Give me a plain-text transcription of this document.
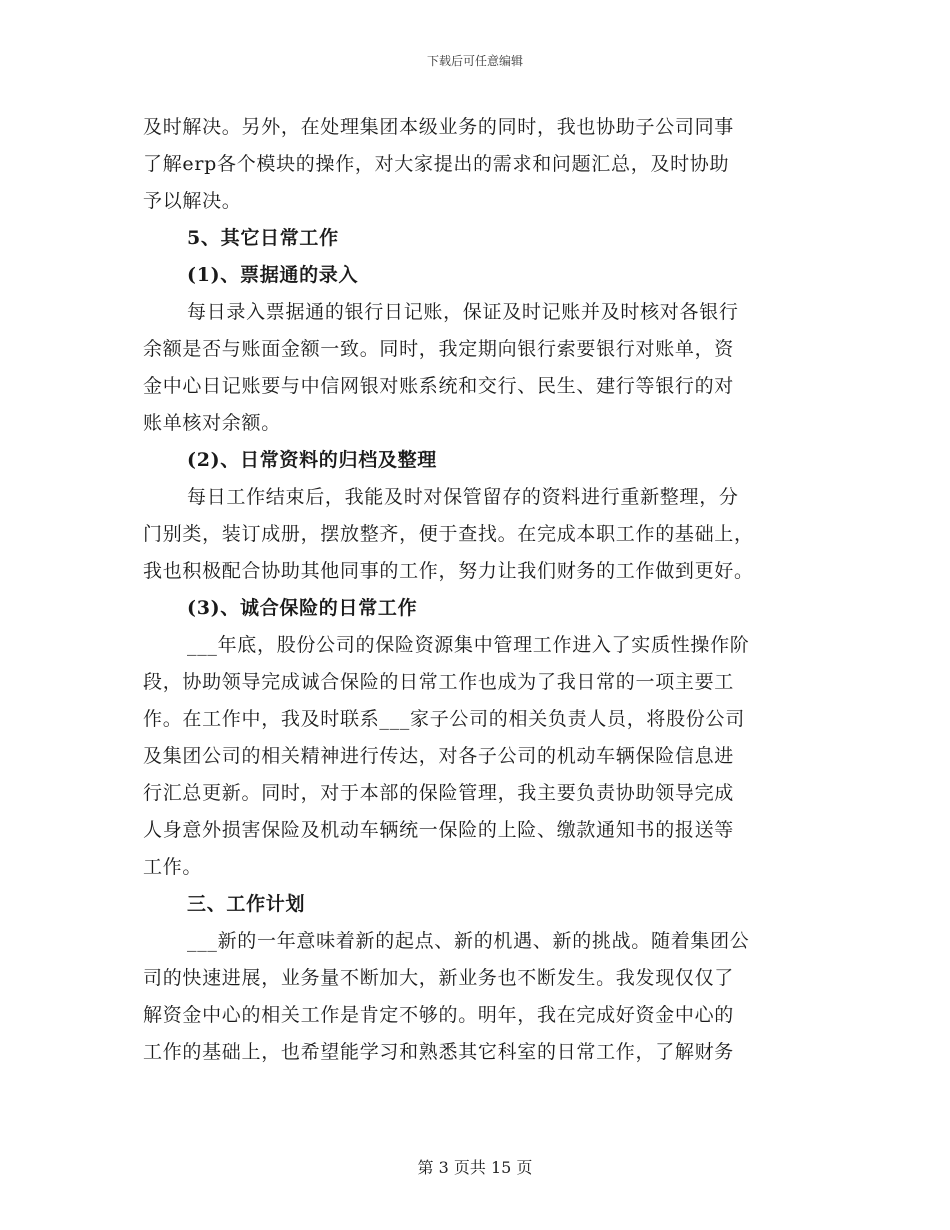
下载后可任意编辑
及时解决。另外，在处理集团本级业务的同时，我也协助子公司同事
了解erp各个模块的操作，对大家提出的需求和问题汇总，及时协助
予以解决。
5、其它日常工作
(1)、票据通的录入
每日录入票据通的银行日记账，保证及时记账并及时核对各银行
余额是否与账面金额一致。同时，我定期向银行索要银行对账单，资
金中心日记账要与中信网银对账系统和交行、民生、建行等银行的对
账单核对余额。
(2)、日常资料的归档及整理
每日工作结束后，我能及时对保管留存的资料进行重新整理，分
门别类，装订成册，摆放整齐，便于查找。在完成本职工作的基础上，
我也积极配合协助其他同事的工作，努力让我们财务的工作做到更好。
(3)、诚合保险的日常工作
___年底，股份公司的保险资源集中管理工作进入了实质性操作阶
段，协助领导完成诚合保险的日常工作也成为了我日常的一项主要工
作。在工作中，我及时联系___家子公司的相关负责人员，将股份公司
及集团公司的相关精神进行传达，对各子公司的机动车辆保险信息进
行汇总更新。同时，对于本部的保险管理，我主要负责协助领导完成
人身意外损害保险及机动车辆统一保险的上险、缴款通知书的报送等
工作。
三、工作计划
___新的一年意味着新的起点、新的机遇、新的挑战。随着集团公
司的快速进展，业务量不断加大，新业务也不断发生。我发现仅仅了
解资金中心的相关工作是肯定不够的。明年，我在完成好资金中心的
工作的基础上，也希望能学习和熟悉其它科室的日常工作，了解财务
第 3 页共 15 页
